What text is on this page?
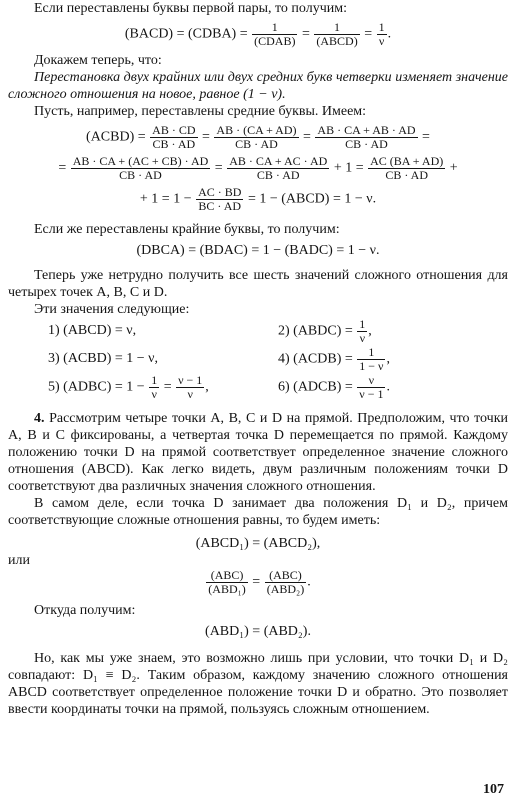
Если переставлены буквы первой пары, то получим:

(BACD) = (CDBA) =	1
(CDAB) =	1
(ABCD) = $\frac{1}{\nu}$ .

Докажем теперь, что:

Перестановка двух крайних или двух средних букв четверки изменяет значение сложного отношения на новое, равное (1 − ν).

Пусть, например, переставлены средние буквы. Имеем:

(ACBD) = $\frac{AB \cdot CD}{CB \cdot AD} = \frac{AB \cdot (CA + AD)}{CB \cdot AD} = \frac{AB \cdot CA + AB \cdot AD}{CB \cdot AD}$ =

= $\frac{AB \cdot CA + (AC + CB) \cdot AD}{CB \cdot AD} = \frac{AB \cdot CA + AC \cdot AD}{CB \cdot AD} + 1 = \frac{AC (BA + AD)}{CB \cdot AD}$ +

+ $1 = 1 - \frac{AC \cdot BD}{BC \cdot AD} = 1$ − (ABCD) = 1 − ν.

Если же переставлены крайние буквы, то получим:

(DBCA) = (BDAC) = 1 − (BADC) = 1 − ν.

Теперь уже нетрудно получить все шесть значений сложного отношения для четырех точек A, B, C и D.

Эти значения следующие:

1) (ABCD) = ν,	2) (ABDC) = $\frac{1}{\nu}$ ,
3) (ACBD) = 1 − ν,	4) (ACDB) = $\frac{1}{1 - \nu}$ ,
5) (ADBC) = $1 - \frac{1}{\nu} = \frac{\nu - 1}{\nu}$ ,	6) (ADCB) = $\frac{\nu}{\nu - 1}$ .

4. Рассмотрим четыре точки A, B, C и D на прямой. Предположим, что точки A, B и C фиксированы, а четвертая точка D перемещается по прямой. Каждому положению точки D на прямой соответствует определенное значение сложного отношения (ABCD). Как легко видеть, двум различным положениям точки D соответствуют два различных значения сложного отношения.

В самом деле, если точка D занимает два положения D₁ и D₂, причем соответствующие сложные отношения равны, то будем иметь:

(ABCD₁) = (ABCD₂),

или

(ABC)
(ABD₁) = (ABC)
(ABD₂) .

Откуда получим:

(ABD₁) = (ABD₂).

Но, как мы уже знаем, это возможно лишь при условии, что точки D₁ и D₂ совпадают: D₁ ≡ D₂. Таким образом, каждому значению сложного отношения ABCD соответствует определенное положение точки D и обратно. Это позволяет ввести координаты точки на прямой, пользуясь сложным отношением.

107
